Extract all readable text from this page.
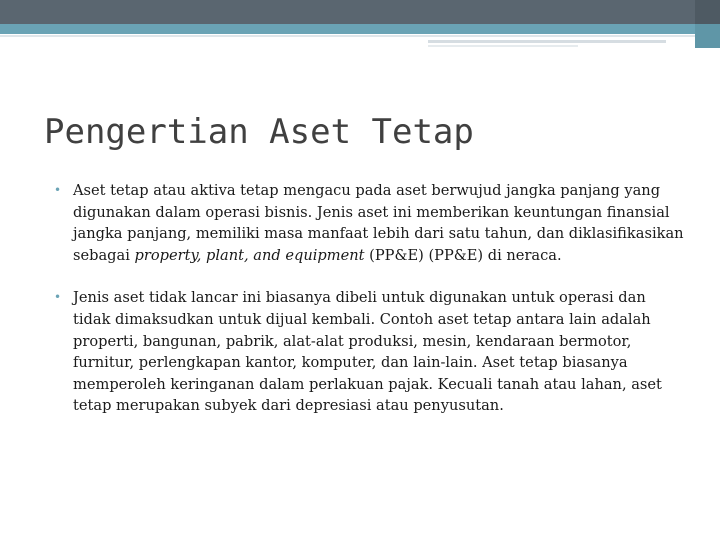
Pengertian Aset Tetap
• Aset tetap atau aktiva tetap mengacu pada aset berwujud jangka panjang yang digunakan dalam operasi bisnis. Jenis aset ini memberikan keuntungan finansial jangka panjang, memiliki masa manfaat lebih dari satu tahun, dan diklasifikasikan sebagai property, plant, and equipment (PP&E) (PP&E) di neraca.
• Jenis aset tidak lancar ini biasanya dibeli untuk digunakan untuk operasi dan tidak dimaksudkan untuk dijual kembali. Contoh aset tetap antara lain adalah properti, bangunan, pabrik, alat-alat produksi, mesin, kendaraan bermotor, furnitur, perlengkapan kantor, komputer, dan lain-lain. Aset tetap biasanya memperoleh keringanan dalam perlakuan pajak. Kecuali tanah atau lahan, aset tetap merupakan subyek dari depresiasi atau penyusutan.
